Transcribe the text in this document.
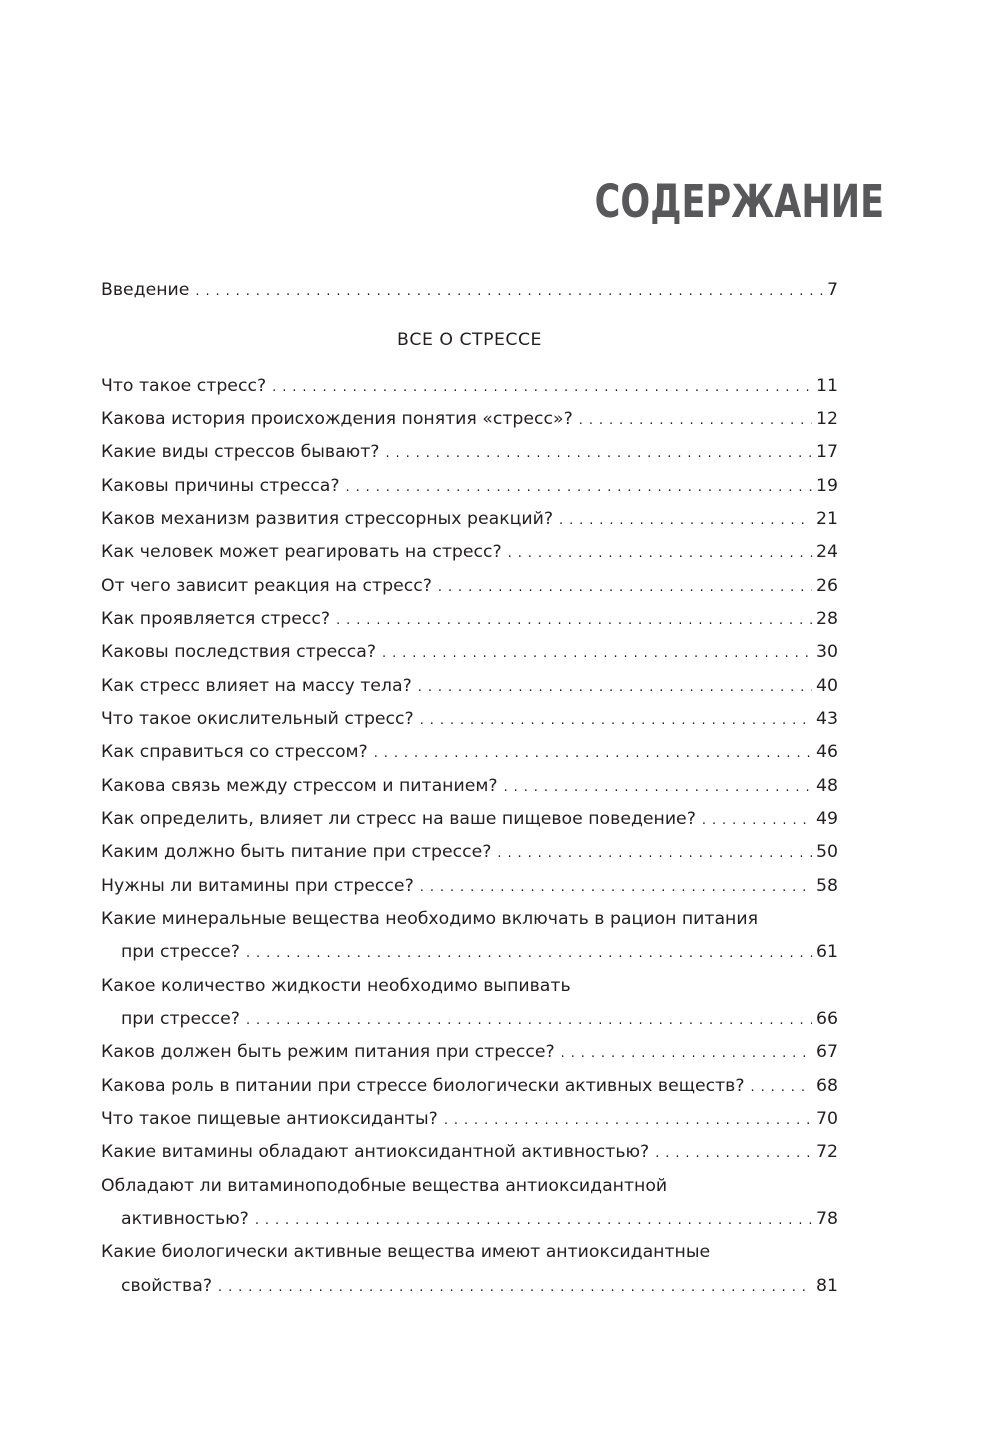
СОДЕРЖАНИЕ
Введение . . .	7
ВСЕ О СТРЕССЕ
Что такое стресс? . . .	11
Какова история происхождения понятия «стресс»? . . .	12
Какие виды стрессов бывают? . . .	17
Каковы причины стресса? . . .	19
Каков механизм развития стрессорных реакций? . . .	21
Как человек может реагировать на стресс? . . .	24
От чего зависит реакция на стресс? . . .	26
Как проявляется стресс? . . .	28
Каковы последствия стресса? . . .	30
Как стресс влияет на массу тела? . . .	40
Что такое окислительный стресс? . . .	43
Как справиться со стрессом? . . .	46
Какова связь между стрессом и питанием? . . .	48
Как определить, влияет ли стресс на ваше пищевое поведение? . . .	49
Каким должно быть питание при стрессе? . . .	50
Нужны ли витамины при стрессе? . . .	58
Какие минеральные вещества необходимо включать в рацион питания
при стрессе? . . .	61
Какое количество жидкости необходимо выпивать
при стрессе? . . .	66
Каков должен быть режим питания при стрессе? . . .	67
Какова роль в питании при стрессе биологически активных веществ? . . .	68
Что такое пищевые антиоксиданты? . . .	70
Какие витамины обладают антиоксидантной активностью? . . .	72
Обладают ли витаминоподобные вещества антиоксидантной
активностью? . . .	78
Какие биологически активные вещества имеют антиоксидантные
свойства? . . .	81
